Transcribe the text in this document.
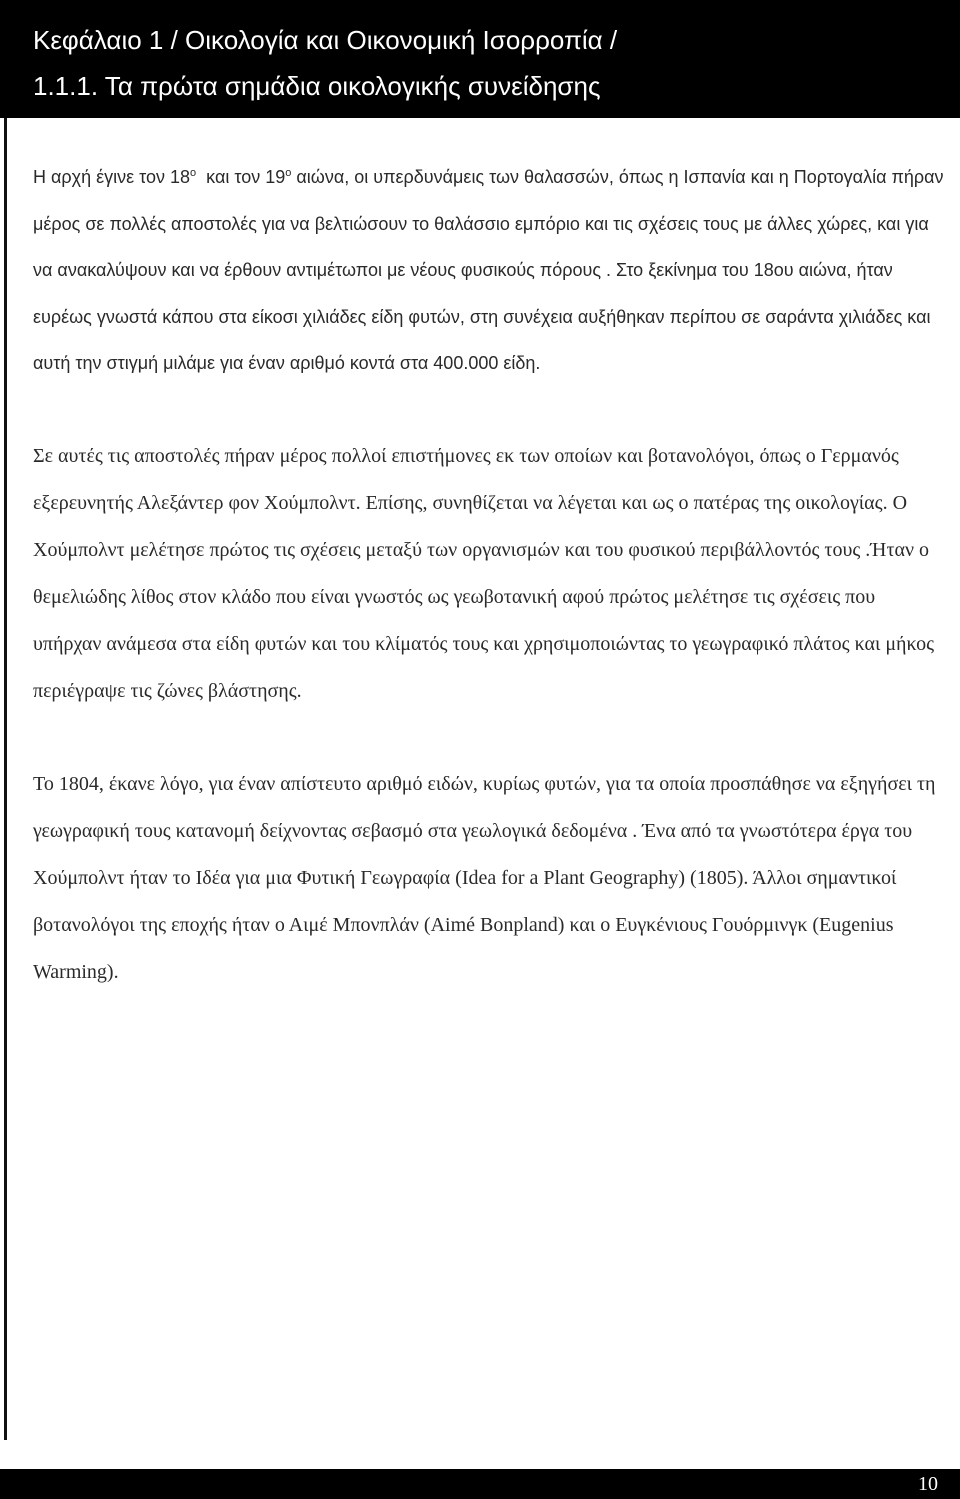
Κεφάλαιο 1 / Οικολογία και Οικονομική Ισορροπία /
1.1.1. Τα πρώτα σημάδια οικολογικής συνείδησης

Η αρχή έγινε τον $18^o$  και τον $19^o$ αιώνα, οι υπερδυνάμεις των θαλασσών, όπως η Ισπανία και η Πορτογαλία πήραν μέρος σε πολλές αποστολές για να βελτιώσουν το θαλάσσιο εμπόριο και τις σχέσεις τους με άλλες χώρες, και για να ανακαλύψουν και να έρθουν αντιμέτωποι με νέους φυσικούς πόρους . Στο ξεκίνημα του 18ου αιώνα, ήταν ευρέως γνωστά κάπου στα είκοσι χιλιάδες είδη φυτών, στη συνέχεια αυξήθηκαν περίπου σε σαράντα χιλιάδες και αυτή την στιγμή μιλάμε για έναν αριθμό κοντά στα 400.000 είδη.

Σε αυτές τις αποστολές πήραν μέρος πολλοί επιστήμονες εκ των οποίων και βοτανολόγοι, όπως ο Γερμανός εξερευνητής Αλεξάντερ φον Χούμπολντ. Επίσης, συνηθίζεται να λέγεται και ως ο πατέρας της οικολογίας. Ο Χούμπολντ μελέτησε πρώτος τις σχέσεις μεταξύ των οργανισμών και του φυσικού περιβάλλοντός τους .Ήταν ο θεμελιώδης λίθος στον κλάδο που είναι γνωστός ως γεωβοτανική αφού πρώτος μελέτησε τις σχέσεις που υπήρχαν ανάμεσα στα είδη φυτών και του κλίματός τους και χρησιμοποιώντας το γεωγραφικό πλάτος και μήκος περιέγραψε τις ζώνες βλάστησης.

Το 1804, έκανε λόγο, για έναν απίστευτο αριθμό ειδών, κυρίως φυτών, για τα οποία προσπάθησε να εξηγήσει τη γεωγραφική τους κατανομή δείχνοντας σεβασμό στα γεωλογικά δεδομένα . Ένα από τα γνωστότερα έργα του Χούμπολντ ήταν το Ιδέα για μια Φυτική Γεωγραφία (Idea for a Plant Geography) (1805). Άλλοι σημαντικοί βοτανολόγοι της εποχής ήταν ο Αιμέ Μπονπλάν (Aimé Bonpland) και ο Ευγκένιους Γουόρμινγκ (Eugenius Warming).

10
